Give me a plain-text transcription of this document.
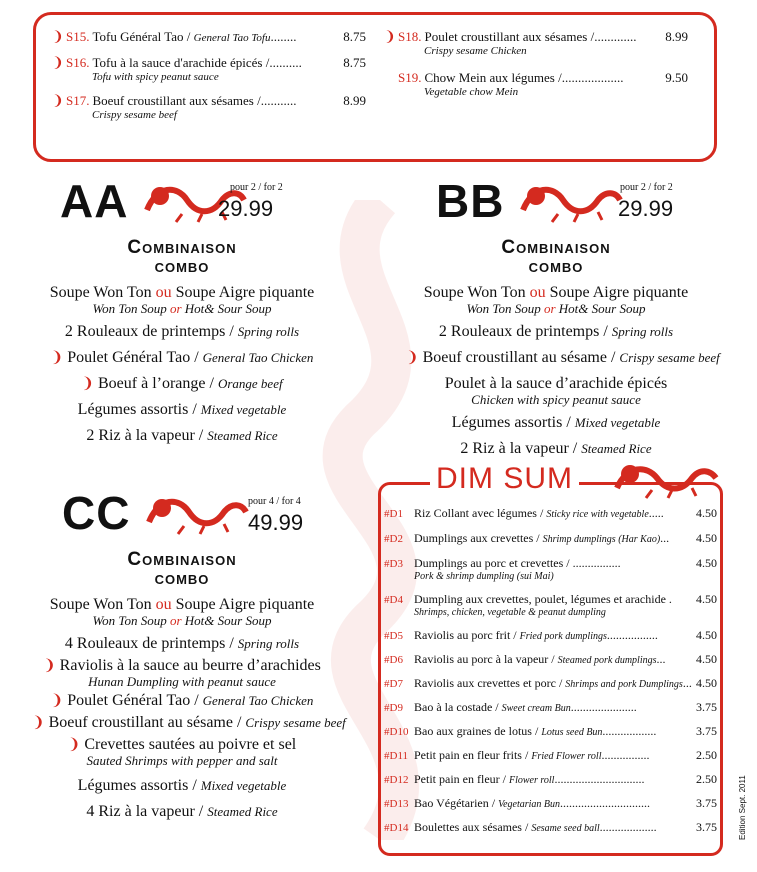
❩ S15. Tofu Général Tao / General Tao Tofu........	8.75
❩ S16. Tofu à la sauce d'arachide épicés /..........	8.75
Tofu with spicy peanut sauce
❩ S17. Boeuf croustillant aux sésames /...........	8.99
Crispy sesame beef
❩ S18. Poulet croustillant aux sésames /............. 8.99
Crispy sesame Chicken
S19. Chow Mein aux légumes /...................	9.50
Vegetable chow Mein
AA	pour 2 / for 2
29.99
Combinaison
combo
Soupe Won Ton ou Soupe Aigre piquante
Won Ton Soup or Hot& Sour Soup
2 Rouleaux de printemps / Spring rolls
❩ Poulet Général Tao / General Tao Chicken
❩ Boeuf à l’orange / Orange beef
Légumes assortis / Mixed vegetable
2 Riz à la vapeur / Steamed Rice
BB	pour 2 / for 2
29.99
Combinaison
combo
Soupe Won Ton ou Soupe Aigre piquante
Won Ton Soup or Hot& Sour Soup
2 Rouleaux de printemps / Spring rolls
❩ Boeuf croustillant au sésame / Crispy sesame beef
Poulet à la sauce d’arachide épicés
Chicken with spicy peanut sauce
Légumes assortis / Mixed vegetable
2 Riz à la vapeur / Steamed Rice
CC	pour 4 / for 4
49.99
Combinaison
combo
Soupe Won Ton ou Soupe Aigre piquante
Won Ton Soup or Hot& Sour Soup
4 Rouleaux de printemps / Spring rolls
❩ Raviolis à la sauce au beurre d’arachides
Hunan Dumpling with peanut sauce
❩ Poulet Général Tao / General Tao Chicken
❩ Boeuf croustillant au sésame / Crispy sesame beef
❩ Crevettes sautées au poivre et sel
Sauted Shrimps with pepper and salt
Légumes assortis / Mixed vegetable
4 Riz à la vapeur / Steamed Rice
DIM SUM
#D1 Riz Collant avec légumes / Sticky rice with vegetable.....	4.50
#D2 Dumplings aux crevettes / Shrimp dumplings (Har Kao)... 4.50
#D3 Dumplings au porc et crevettes / ................	4.50
Pork & shrimp dumpling (sui Mai)
#D4 Dumpling aux crevettes, poulet, légumes et arachide . 4.50
Shrimps, chicken, vegetable & peanut dumpling
#D5 Raviolis au porc frit / Fried pork dumplings.................	4.50
#D6 Raviolis au porc à la vapeur / Steamed pork dumplings...	4.50
#D7 Raviolis aux crevettes et porc / Shrimps and pork Dumplings... 4.50
#D9 Bao à la costade / Sweet cream Bun......................	3.75
#D10 Bao aux graines de lotus / Lotus seed Bun..................	3.75
#D11 Petit pain en fleur frits / Fried Flower roll................	2.50
#D12 Petit pain en fleur / Flower roll..............................	2.50
#D13 Bao Végétarien / Vegetarian Bun..............................	3.75
#D14 Boulettes aux sésames / Sesame seed ball...................	3.75	Edition Sept. 2011
